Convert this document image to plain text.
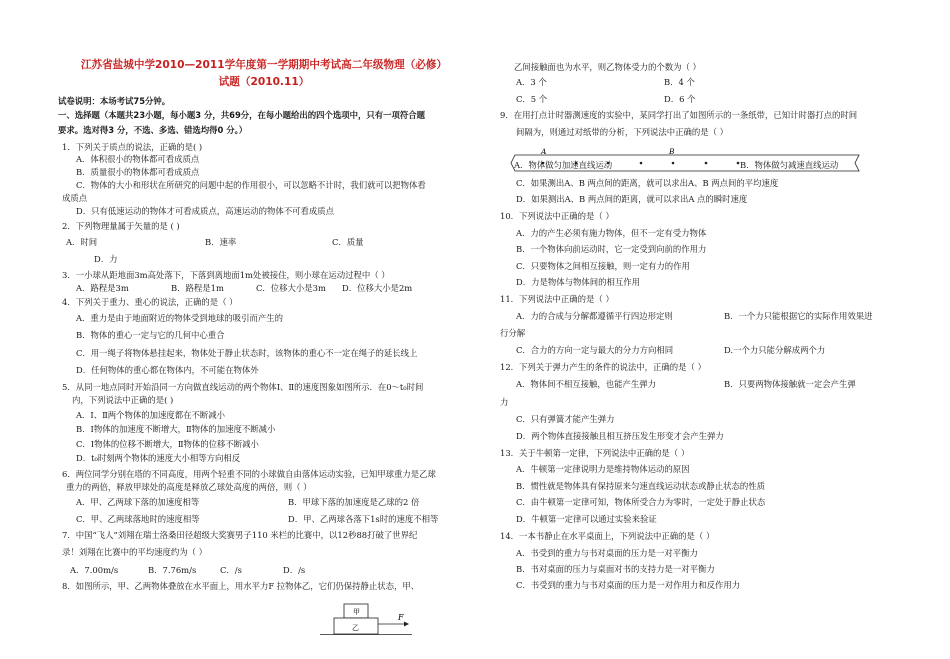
江苏省盐城中学2010—2011学年度第一学期期中考试高二年级物理（必修）
试题（2010.11）
试卷说明：本场考试75分钟。
一、选择题（本题共23小题，每小题3 分，共69分，在每小题给出的四个选项中，只有一项符合题
要求。选对得3 分，不选、多选、错选均得0 分。）
1．下列关于质点的说法，正确的是( )
A．体积很小的物体都可看成质点
B．质量很小的物体都可看成质点
C．物体的大小和形状在所研究的问题中起的作用很小，可以忽略不计时，我们就可以把物体看
成质点
D．只有低速运动的物体才可看成质点，高速运动的物体不可看成质点
2．下列物理量属于矢量的是 ( )
A．时间	B．速率	C．质量
D．力
3．一小球从距地面3m高处落下，下落到离地面1m处被接住，则小球在运动过程中（ ）
A．路程是3m	B．路程是1m	C．位移大小是3m D．位移大小是2m
4．下列关于重力、重心的说法，正确的是（ ）
A．重力是由于地面附近的物体受到地球的吸引而产生的
B．物体的重心一定与它的几何中心重合
C．用一绳子将物体悬挂起来，物体处于静止状态时，该物体的重心不一定在绳子的延长线上
D．任何物体的重心都在物体内，不可能在物体外
5．从同一地点同时开始沿同一方向做直线运动的两个物体Ⅰ、Ⅱ的速度图象如图所示．在0～t₀时间
内，下列说法中正确的是( )
A．Ⅰ、Ⅱ两个物体的加速度都在不断减小
B．Ⅰ物体的加速度不断增大，Ⅱ物体的加速度不断减小
C．Ⅰ物体的位移不断增大，Ⅱ物体的位移不断减小
D．t₀时刻两个物体的速度大小相等方向相反
6．两位同学分别在塔的不同高度，用两个轻重不同的小球做自由落体运动实验，已知甲球重力是乙球
重力的两倍，释放甲球处的高度是释放乙球处高度的两倍，则（ ）
A．甲、乙两球下落的加速度相等	B．甲球下落的加速度是乙球的2 倍
C．甲、乙两球落地时的速度相等	D．甲、乙两球各落下1s时的速度不相等
7．中国“飞人”刘翔在瑞士洛桑田径超级大奖赛男子110 米栏的比赛中，以12秒88打破了世界纪
录！刘翔在比赛中的平均速度约为（ ）
A．7.00m/s	B．7.76m/s	C．/s	D．/s
8．如图所示，甲、乙两物体叠放在水平面上，用水平力F 拉物体乙，它们仍保持静止状态，甲、
甲
乙
F
乙间接触面也为水平，则乙物体受力的个数为（ ）
A．3 个	B．4 个
C．5 个	D．6 个
9．在用打点计时器测速度的实验中，某同学打出了如图所示的一条纸带，已知计时器打点的时间
间隔为，则通过对纸带的分析，下列说法中正确的是（ ）
A	B
A．物体做匀加速直线运动	B．物体做匀减速直线运动
C．如果测出A、B 两点间的距离，就可以求出A、B 两点间的平均速度
D．如果测出A、B 两点间的距离，就可以求出A 点的瞬时速度
10．下列说法中正确的是（ ）
A．力的产生必须有施力物体，但不一定有受力物体
B．一个物体向前运动时，它一定受到向前的作用力
C．只要物体之间相互接触，则一定有力的作用
D．力是物体与物体间的相互作用
11．下列说法中正确的是（ ）
A．力的合成与分解都遵循平行四边形定则	B．一个力只能根据它的实际作用效果进
行分解
C．合力的方向一定与最大的分力方向相同	D.一个力只能分解成两个力
12．下列关于弹力产生的条件的说法中，正确的是（ ）
A．物体间不相互接触，也能产生弹力	B．只要两物体接触就一定会产生弹
力
C．只有弹簧才能产生弹力
D．两个物体直接接触且相互挤压发生形变才会产生弹力
13．关于牛顿第一定律，下列说法中正确的是（ ）
A．牛顿第一定律说明力是维持物体运动的原因
B．惯性就是物体具有保持原来匀速直线运动状态或静止状态的性质
C．由牛顿第一定律可知，物体所受合力为零时，一定处于静止状态
D．牛顿第一定律可以通过实验来验证
14．一本书静止在水平桌面上，下列说法中正确的是（ ）
A．书受到的重力与书对桌面的压力是一对平衡力
B．书对桌面的压力与桌面对书的支持力是一对平衡力
C．书受到的重力与书对桌面的压力是一对作用力和反作用力
